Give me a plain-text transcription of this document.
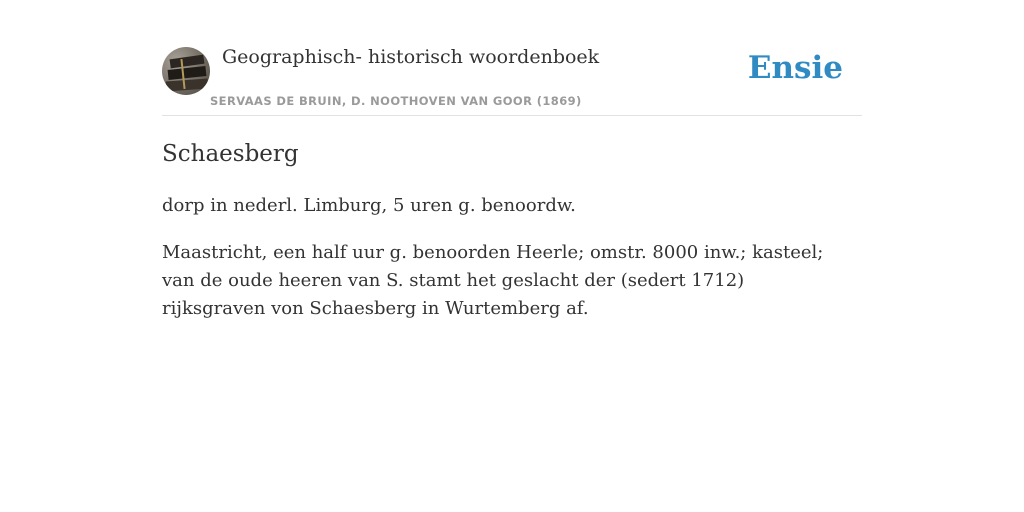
Geographisch- historisch woordenboek
SERVAAS DE BRUIN, D. NOOTHOVEN VAN GOOR (1869)
Ensie
Schaesberg

dorp in nederl. Limburg, 5 uren g. benoordw.

Maastricht, een half uur g. benoorden Heerle; omstr. 8000 inw.; kasteel; van de oude heeren van S. stamt het geslacht der (sedert 1712) rijksgraven von Schaesberg in Wurtemberg af.
